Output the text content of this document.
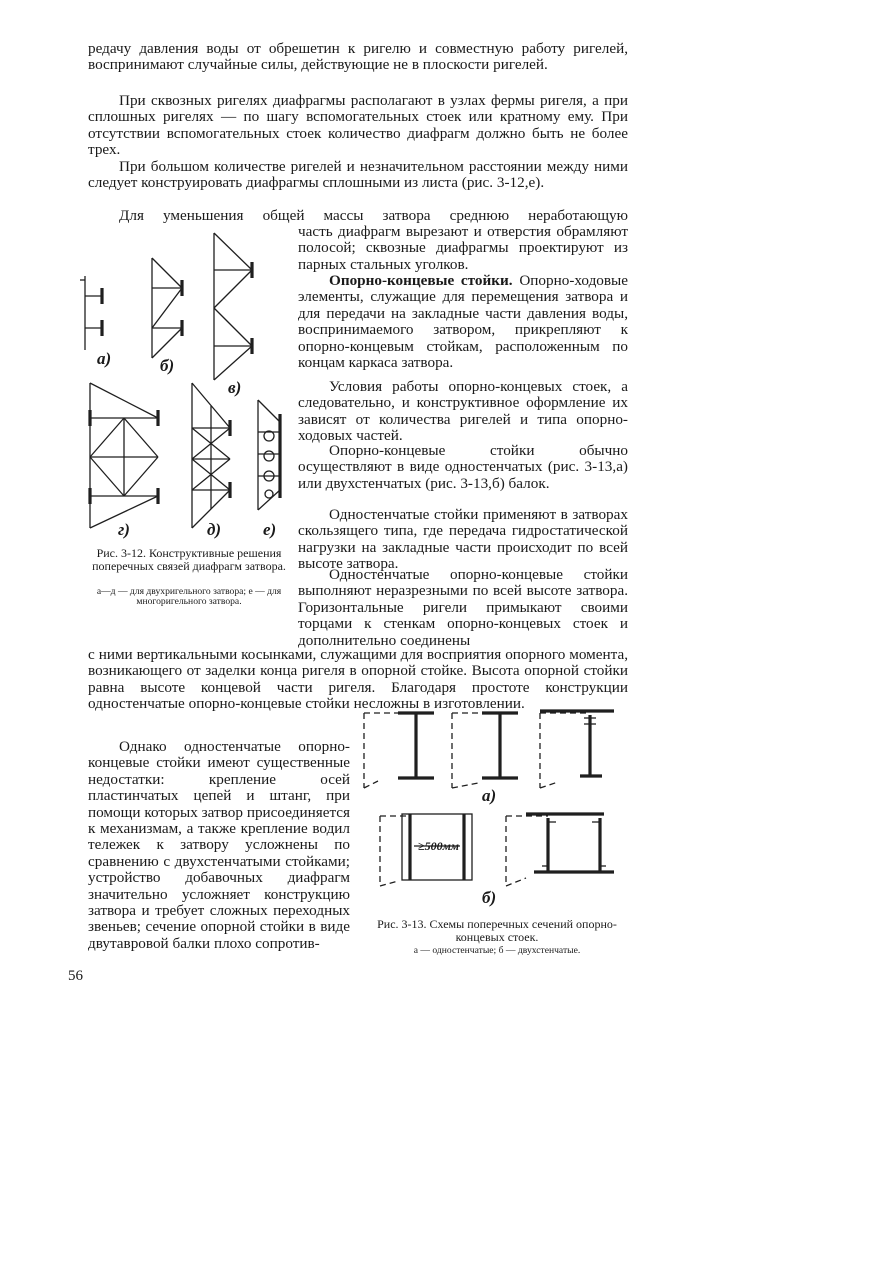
редачу давления воды от обрешетин к ригелю и совместную работу ригелей, воспринимают случайные силы, действующие не в плоскости ригелей.

При сквозных ригелях диафрагмы располагают в узлах фермы ригеля, а при сплошных ригелях — по шагу вспомогательных стоек или кратному ему. При отсутствии вспомогательных стоек количество диафрагм должно быть не более трех.

При большом количестве ригелей и незначительном расстоянии между ними следует конструировать диафрагмы сплошными из листа (рис. 3-12,е).

Для уменьшения общей массы затвора среднюю неработающую

часть диафрагм вырезают и отверстия обрамляют полосой; сквозные диафрагмы проектируют из парных стальных уголков.

Опорно-концевые стойки. Опорно-ходовые элементы, служащие для перемещения затвора и для передачи на закладные части давления воды, воспринимаемого затвором, прикрепляют к опорно-концевым стойкам, расположенным по концам каркаса затвора.

Условия работы опорно-концевых стоек, а следовательно, и конструктивное оформление их зависят от количества ригелей и типа опорно-ходовых частей.

Опорно-концевые стойки обычно осуществляют в виде одностенчатых (рис. 3-13,а) или двухстенчатых (рис. 3-13,б) балок.

Одностенчатые стойки применяют в затворах скользящего типа, где передача гидростатической нагрузки на закладные части происходит по всей высоте затвора.

Одностенчатые опорно-концевые стойки выполняют неразрезными по всей высоте затвора. Горизонтальные ригели примыкают своими торцами к стенкам опорно-концевых стоек и дополнительно соединены

с ними вертикальными косынками, служащими для восприятия опорного момента, возникающего от заделки конца ригеля в опорной стойке. Высота опорной стойки равна высоте концевой части ригеля. Благодаря простоте конструкции одностенчатые опорно-концевые стойки несложны в изготовлении.

Однако одностенчатые опорно-концевые стойки имеют существенные недостатки: крепление осей пластинчатых цепей и штанг, при помощи которых затвор присоединяется к механизмам, а также крепление водил тележек к затвору усложнены по сравнению с двухстенчатыми стойками; устройство добавочных диафрагм значительно усложняет конструкцию затвора и требует сложных переходных звеньев; сечение опорной стойки в виде двутавровой балки плохо сопротив-

56
а)	б)
в)
г)	д) е)

Рис. 3-12. Конструктивные решения поперечных связей диафрагм затвора.

а—д — для двухригельного затвора; е — для многоригельного затвора.

≥500мм
а)
б)

Рис. 3-13. Схемы поперечных сечений опорно-концевых стоек.

а — одностенчатые; б — двухстенчатые.
